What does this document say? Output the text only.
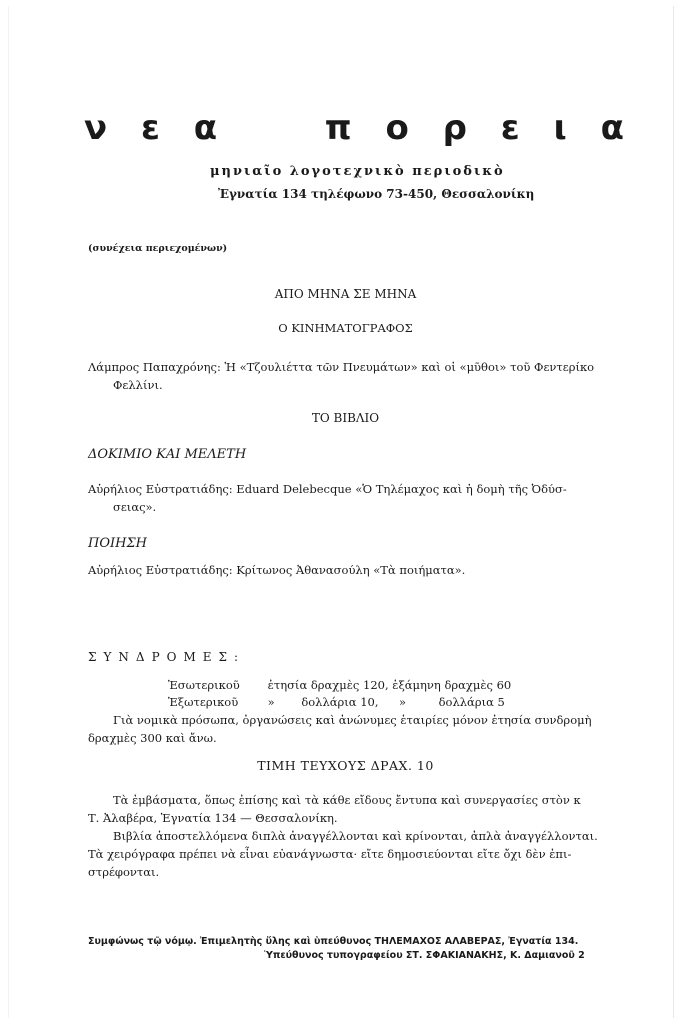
ν ε α	π ο ρ ε ι α
μηνιαῖο λογοτεχνικὸ περιοδικὸ
Ἐγνατία 134 τηλέφωνο 73-450, Θεσσαλονίκη
(συνέχεια περιεχομένων)
ΑΠΟ ΜΗΝΑ ΣΕ ΜΗΝΑ
Ο ΚΙΝΗΜΑΤΟΓΡΑΦΟΣ
Λάμπρος Παπαχρόνης: Ἡ «Τζουλιέττα τῶν Πνευμάτων» καὶ οἱ «μῦθοι» τοῦ Φεντερίκο
Φελλίνι.
ΤΟ ΒΙΒΛΙΟ
ΔΟΚΙΜΙΟ ΚΑΙ ΜΕΛΕΤΗ
Αὐρήλιος Εὐστρατιάδης: Eduard Delebecque «Ὁ Τηλέμαχος καὶ ἡ δομὴ τῆς Ὀδύσ-
σειας».
ΠΟΙΗΣΗ
Αὐρήλιος Εὐστρατιάδης: Κρίτωνος Ἀθανασούλη «Τὰ ποιήματα».
ΣΥΝΔΡΟΜΕΣ:
Ἐσωτερικοῦ ἐτησία δραχμὲς 120, ἑξάμηνη δραχμὲς 60
Ἐξωτερικοῦ	» δολλάρια 10, »	δολλάρια 5
Γιὰ νομικὰ πρόσωπα, ὀργανώσεις καὶ ἀνώνυμες ἑταιρίες μόνον ἐτησία συνδρομὴ
δραχμὲς 300 καὶ ἄνω.
ΤΙΜΗ ΤΕΥΧΟΥΣ ΔΡΑΧ. 10
Τὰ ἐμβάσματα, ὅπως ἐπίσης καὶ τὰ κάθε εἴδους ἔντυπα καὶ συνεργασίες στὸν κ
Τ. Ἀλαβέρα, Ἐγνατία 134 — Θεσσαλονίκη.
Βιβλία ἀποστελλόμενα διπλὰ ἀναγγέλλονται καὶ κρίνονται, ἁπλὰ ἀναγγέλλονται.
Τὰ χειρόγραφα πρέπει νὰ εἶναι εὐανάγνωστα· εἴτε δημοσιεύονται εἴτε ὄχι δὲν ἐπι-
στρέφονται.
Συμφώνως τῷ νόμῳ. Ἐπιμελητὴς ὕλης καὶ ὑπεύθυνος ΤΗΛΕΜΑΧΟΣ ΑΛΑΒΕΡΑΣ, Ἐγνατία 134.
Ὑπεύθυνος τυπογραφείου ΣΤ. ΣΦΑΚΙΑΝΑΚΗΣ, Κ. Δαμιανοῦ 2
